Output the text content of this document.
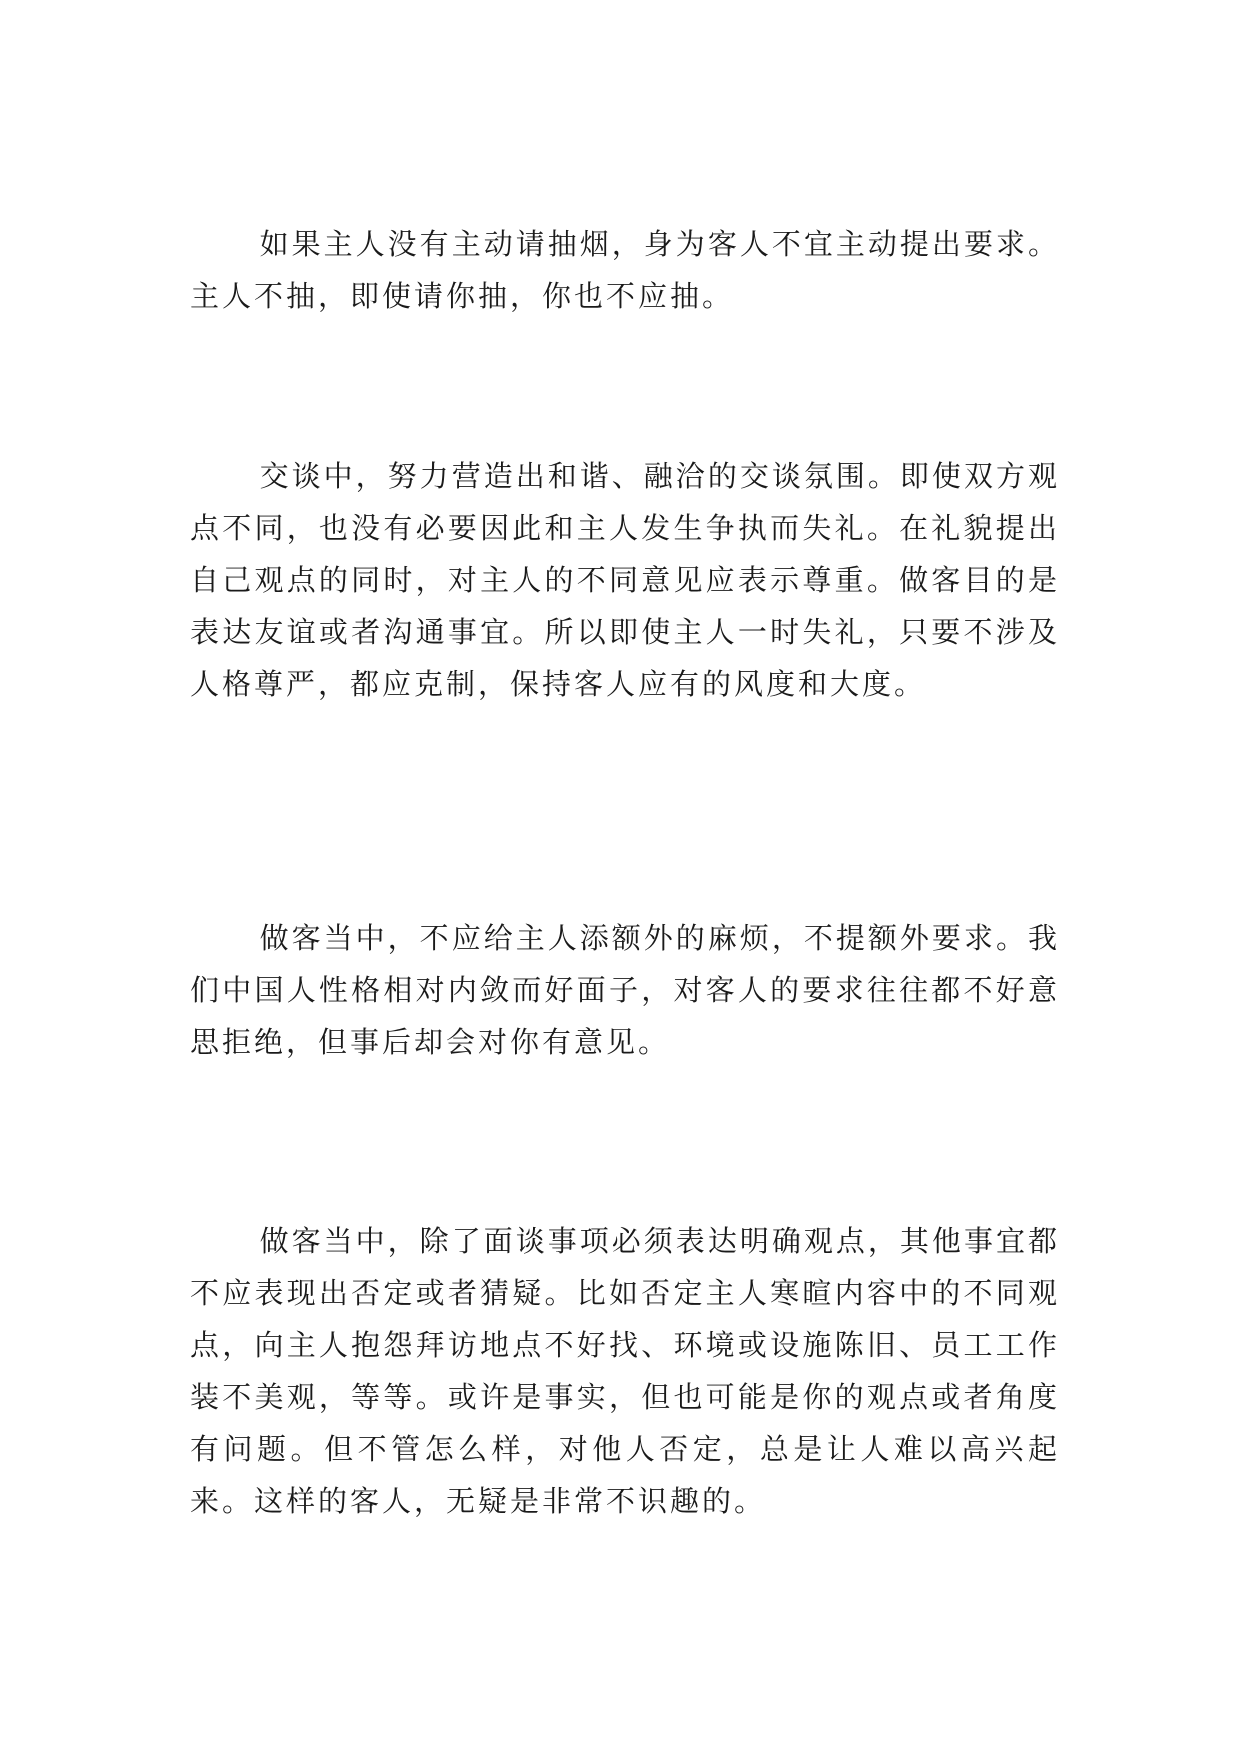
如果主人没有主动请抽烟，身为客人不宜主动提出要求。主人不抽，即使请你抽，你也不应抽。

交谈中，努力营造出和谐、融洽的交谈氛围。即使双方观点不同，也没有必要因此和主人发生争执而失礼。在礼貌提出自己观点的同时，对主人的不同意见应表示尊重。做客目的是表达友谊或者沟通事宜。所以即使主人一时失礼，只要不涉及人格尊严，都应克制，保持客人应有的风度和大度。

做客当中，不应给主人添额外的麻烦，不提额外要求。我们中国人性格相对内敛而好面子，对客人的要求往往都不好意思拒绝，但事后却会对你有意见。

做客当中，除了面谈事项必须表达明确观点，其他事宜都不应表现出否定或者猜疑。比如否定主人寒暄内容中的不同观点，向主人抱怨拜访地点不好找、环境或设施陈旧、员工工作装不美观，等等。或许是事实，但也可能是你的观点或者角度有问题。但不管怎么样，对他人否定，总是让人难以高兴起来。这样的客人，无疑是非常不识趣的。
